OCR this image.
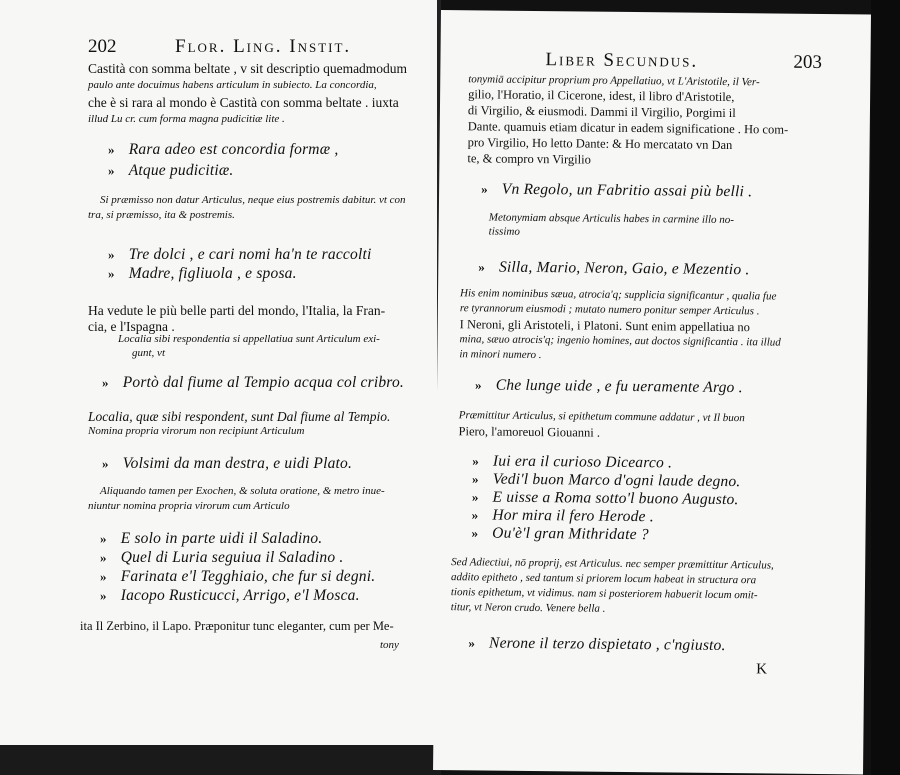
202	Flor. Ling. Instit.
Castità con somma beltate , v sit descriptio quemadmodum
paulo ante docuimus habens articulum in subiecto. La concordia,
che è si rara al mondo è Castità con somma beltate . iuxta
illud Lu cr. cum forma magna pudicitiæ lite .
» Rara adeo est concordia formæ ,
» Atque pudicitiæ.
Si præmisso non datur Articulus, neque eius postremis dabitur. vt con
tra, si præmisso, ita & postremis.
» Tre dolci , e cari nomi ha'n te raccolti
» Madre, figliuola , e sposa.
Ha vedute le più belle parti del mondo, l'Italia, la Fran-
cia, e l'Ispagna .
Localia sibi respondentia si appellatiua sunt Articulum exi-
gunt, vt
» Portò dal fiume al Tempio acqua col cribro.
Localia, quæ sibi respondent, sunt Dal fiume al Tempio.
Nomina propria virorum non recipiunt Articulum
» Volsimi da man destra, e uidi Plato.
Aliquando tamen per Exochen, & soluta oratione, & metro inue-
niuntur nomina propria virorum cum Articulo
» E solo in parte uidi il Saladino.
» Quel di Luria seguiua il Saladino .
» Farinata e'l Tegghiaio, che fur si degni.
» Iacopo Rusticucci, Arrigo, e'l Mosca.
ita Il Zerbino, il Lapo. Præponitur tunc eleganter, cum per Me-
tony
Liber Secundus.	203
tonymiā accipitur proprium pro Appellatiuo, vt L'Aristotile, il Ver-
gilio, l'Horatio, il Cicerone, idest, il libro d'Aristotile,
di Virgilio, & eiusmodi. Dammi il Virgilio, Porgimi il
Dante. quamuis etiam dicatur in eadem significatione . Ho com-
pro Virgilio, Ho letto Dante: & Ho mercatato vn Dan
te, & compro vn Virgilio
» Vn Regolo, un Fabritio assai più belli .
Metonymiam absque Articulis habes in carmine illo no-
tissimo
» Silla, Mario, Neron, Gaio, e Mezentio .
His enim nominibus sæua, atrocia'q; supplicia significantur , qualia fue
re tyrannorum eiusmodi ; mutato numero ponitur semper Articulus .
I Neroni, gli Aristoteli, i Platoni. Sunt enim appellatiua no
mina, sæuo atrocis'q; ingenio homines, aut doctos significantia . ita illud
in minori numero .
» Che lunge uide , e fu ueramente Argo .
Præmittitur Articulus, si epithetum commune addatur , vt Il buon
Piero, l'amoreuol Giouanni .
» Iui era il curioso Dicearco .
» Vedi'l buon Marco d'ogni laude degno.
» E uisse a Roma sotto'l buono Augusto.
» Hor mira il fero Herode .
» Ou'è'l gran Mithridate ?
Sed Adiectiui, nō proprij, est Articulus. nec semper præmittitur Articulus,
addito epitheto , sed tantum si priorem locum habeat in structura ora
tionis epithetum, vt vidimus. nam si posteriorem habuerit locum omit-
titur, vt Neron crudo. Venere bella .
» Nerone il terzo dispietato , c'ngiusto.
K
